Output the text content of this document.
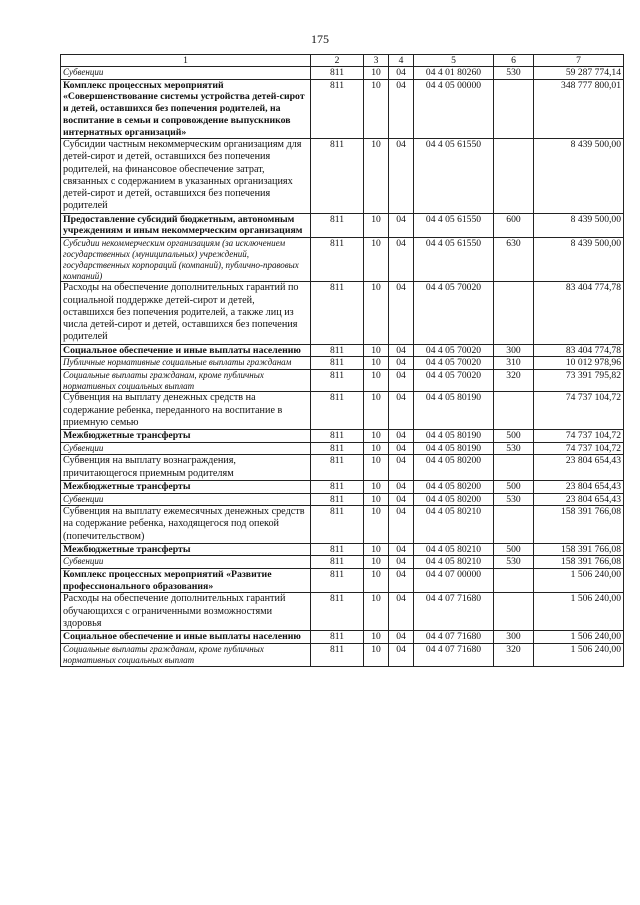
175
1	2	3	4	5	6	7
Субвенции	811	10	04	04 4 01 80260	530	59 287 774,14
Комплекс процессных мероприятий «Совершенствование системы устройства детей-сирот и детей, оставшихся без попечения родителей, на воспитание в семьи и сопровождение выпускников интернатных организаций»	811	10	04	04 4 05 00000		348 777 800,01
Субсидии частным некоммерческим организациям для детей-сирот и детей, оставшихся без попечения родителей, на финансовое обеспечение затрат, связанных с содержанием в указанных организациях детей-сирот и детей, оставшихся без попечения родителей	811	10	04	04 4 05 61550		8 439 500,00
Предоставление субсидий бюджетным, автономным учреждениям и иным некоммерческим организациям	811	10	04	04 4 05 61550	600	8 439 500,00
Субсидии некоммерческим организациям (за исключением государственных (муниципальных) учреждений, государственных корпораций (компаний), публично-правовых компаний)	811	10	04	04 4 05 61550	630	8 439 500,00
Расходы на обеспечение дополнительных гарантий по социальной поддержке детей-сирот и детей, оставшихся без попечения родителей, а также лиц из числа детей-сирот и детей, оставшихся без попечения родителей	811	10	04	04 4 05 70020		83 404 774,78
Социальное обеспечение и иные выплаты населению	811	10	04	04 4 05 70020	300	83 404 774,78
Публичные нормативные социальные выплаты гражданам	811	10	04	04 4 05 70020	310	10 012 978,96
Социальные выплаты гражданам, кроме публичных нормативных социальных выплат	811	10	04	04 4 05 70020	320	73 391 795,82
Субвенция на выплату денежных средств на содержание ребенка, переданного на воспитание в приемную семью	811	10	04	04 4 05 80190		74 737 104,72
Межбюджетные трансферты	811	10	04	04 4 05 80190	500	74 737 104,72
Субвенции	811	10	04	04 4 05 80190	530	74 737 104,72
Субвенция на выплату вознаграждения, причитающегося приемным родителям	811	10	04	04 4 05 80200		23 804 654,43
Межбюджетные трансферты	811	10	04	04 4 05 80200	500	23 804 654,43
Субвенции	811	10	04	04 4 05 80200	530	23 804 654,43
Субвенция на выплату ежемесячных денежных средств на содержание ребенка, находящегося под опекой (попечительством)	811	10	04	04 4 05 80210		158 391 766,08
Межбюджетные трансферты	811	10	04	04 4 05 80210	500	158 391 766,08
Субвенции	811	10	04	04 4 05 80210	530	158 391 766,08
Комплекс процессных мероприятий «Развитие профессионального образования»	811	10	04	04 4 07 00000		1 506 240,00
Расходы на обеспечение дополнительных гарантий обучающихся с ограниченными возможностями здоровья	811	10	04	04 4 07 71680		1 506 240,00
Социальное обеспечение и иные выплаты населению	811	10	04	04 4 07 71680	300	1 506 240,00
Социальные выплаты гражданам, кроме публичных нормативных социальных выплат	811	10	04	04 4 07 71680	320	1 506 240,00
